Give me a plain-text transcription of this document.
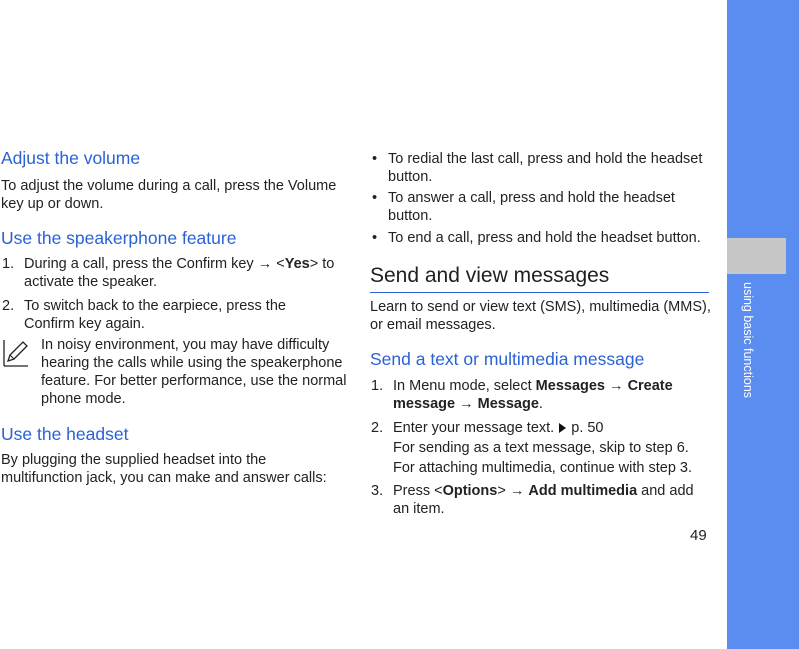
Adjust the volume
To adjust the volume during a call, press the Volume
key up or down.
Use the speakerphone feature
1. During a call, press the Confirm key → <Yes> to
activate the speaker.
2. To switch back to the earpiece, press the
Confirm key again.
In noisy environment, you may have difficulty
hearing the calls while using the speakerphone
feature. For better performance, use the normal
phone mode.
Use the headset
By plugging the supplied headset into the
multifunction jack, you can make and answer calls:
• To redial the last call, press and hold the headset
button.
• To answer a call, press and hold the headset
button.
• To end a call, press and hold the headset button.
Send and view messages
Learn to send or view text (SMS), multimedia (MMS),
or email messages.
Send a text or multimedia message
1. In Menu mode, select Messages → Create
message → Message.
2. Enter your message text.  p. 50
For sending as a text message, skip to step 6.
For attaching multimedia, continue with step 3.
3. Press <Options> → Add multimedia and add
an item.
49
using basic functions
